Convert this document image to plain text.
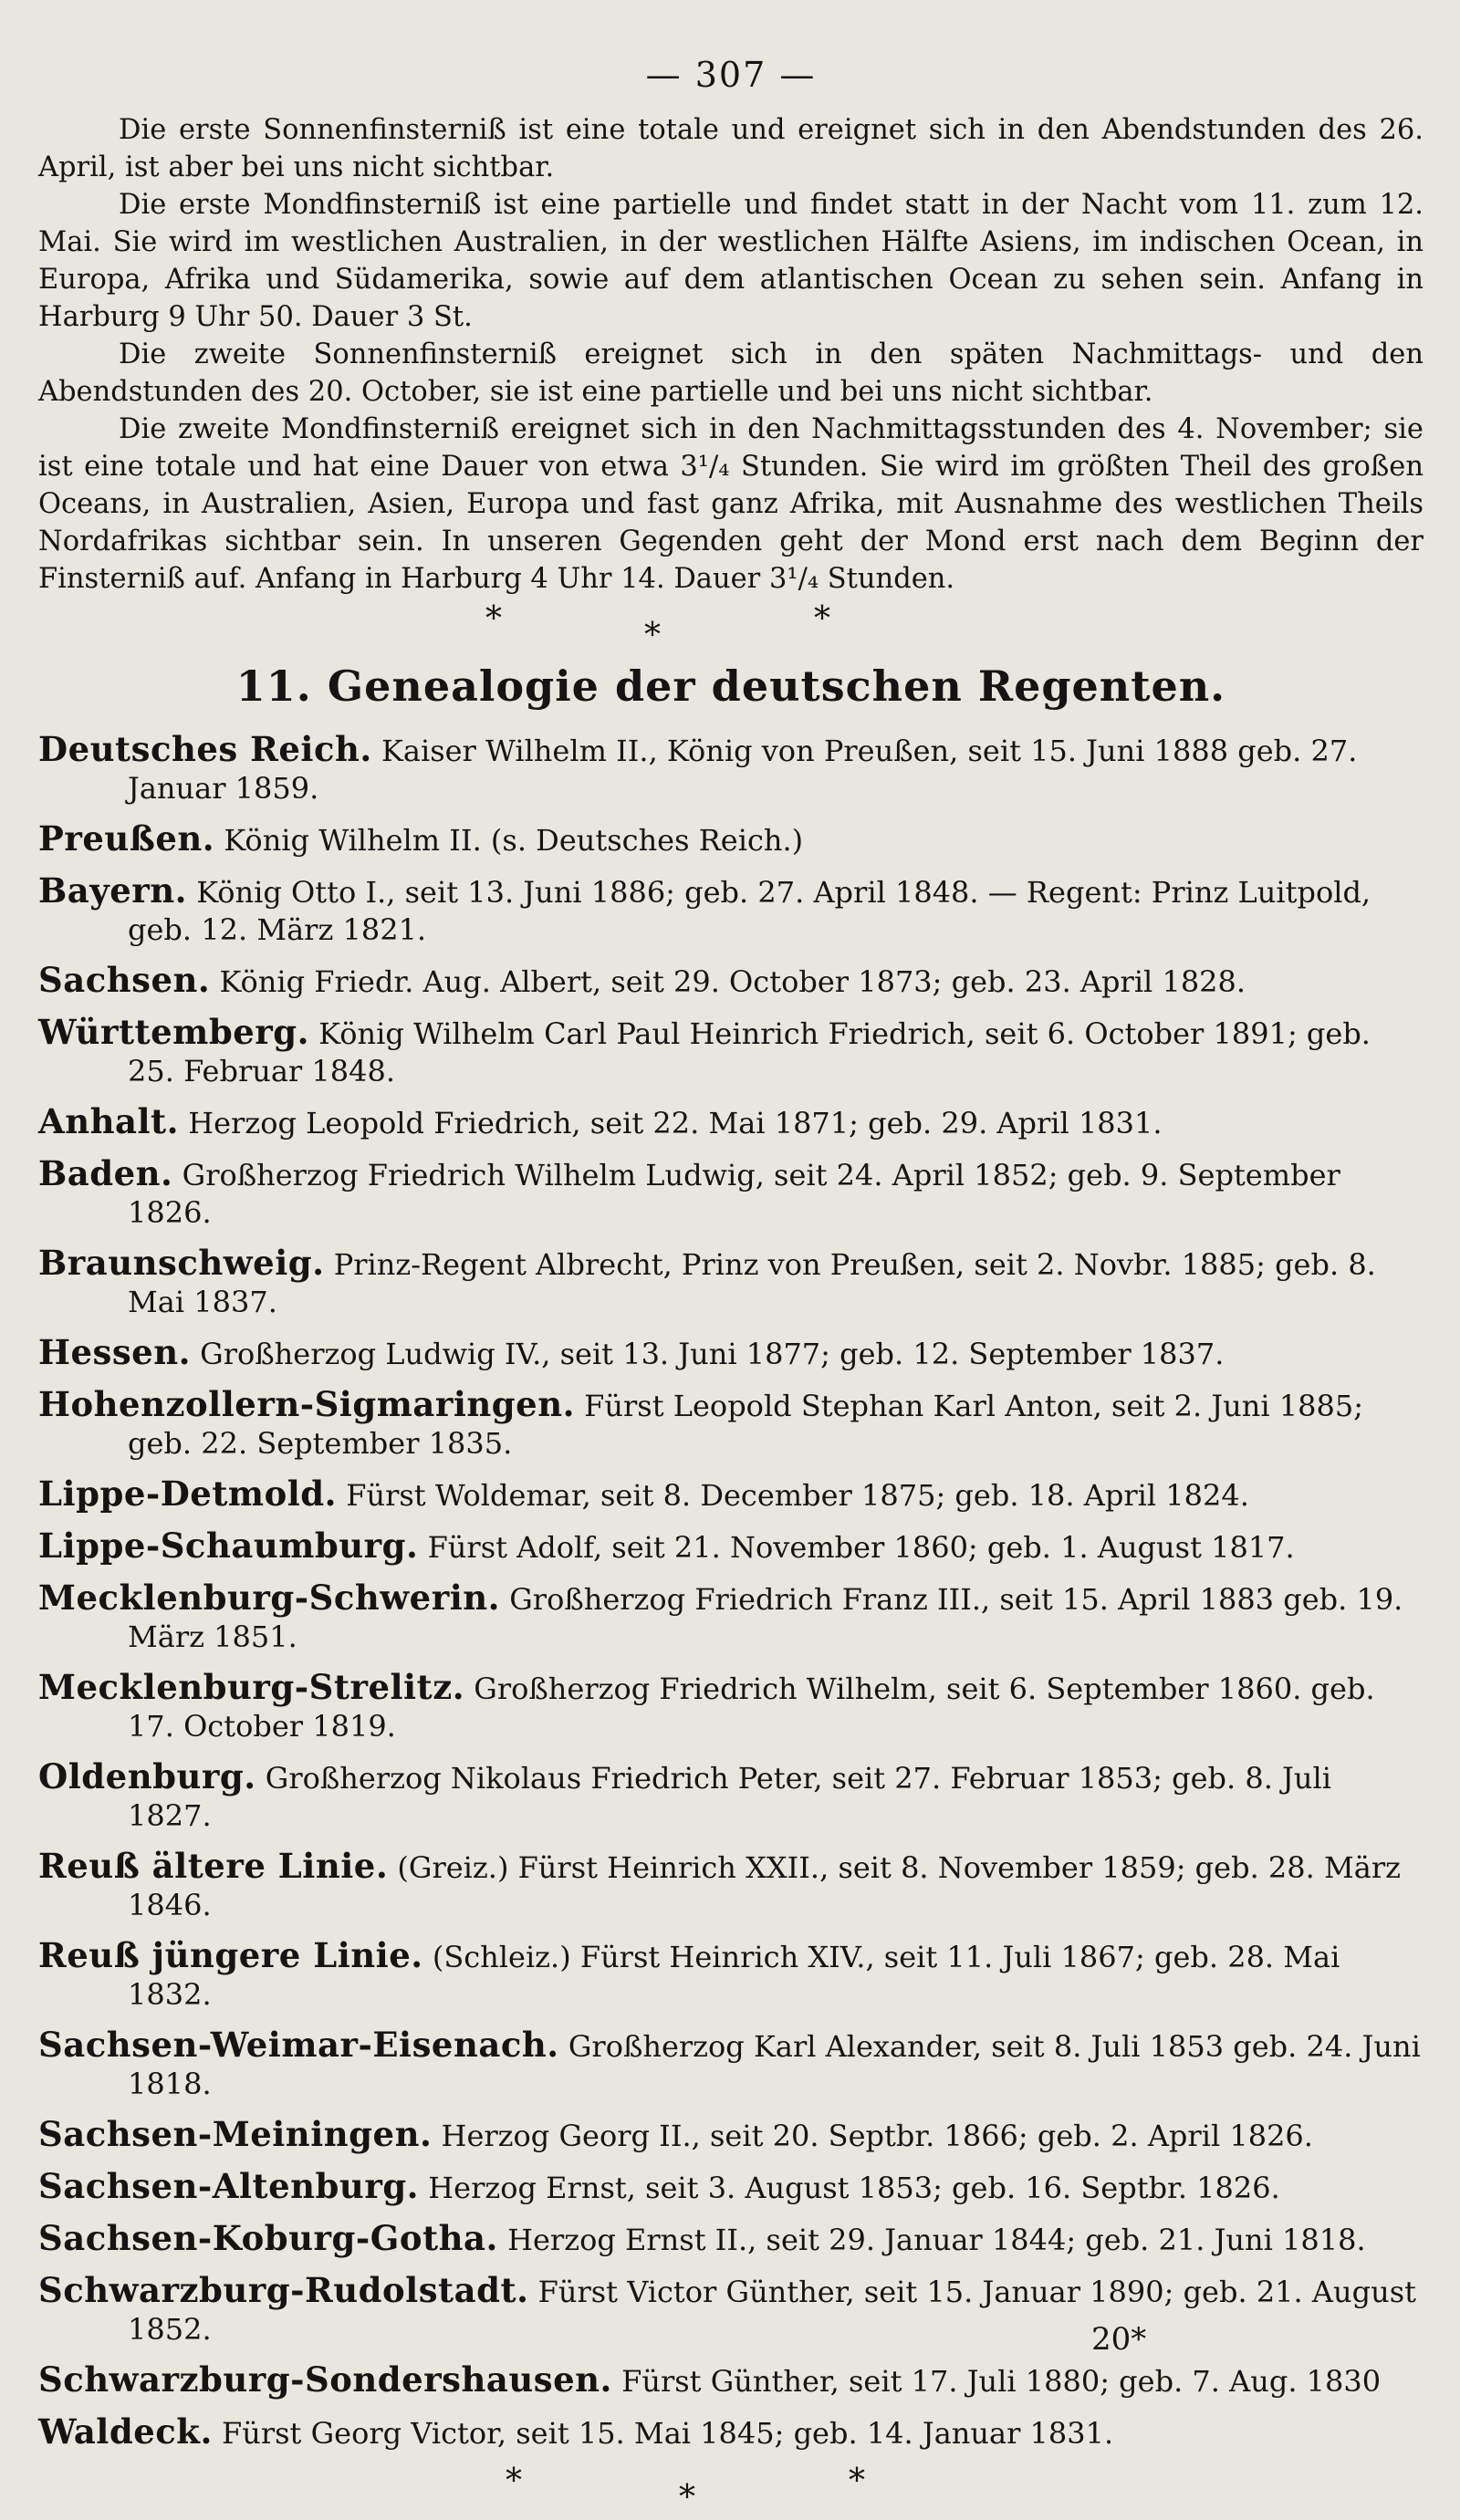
— 307 —

Die erste Sonnenfinsterniß ist eine totale und ereignet sich in den Abendstunden des 26. April, ist aber bei uns nicht sichtbar.

Die erste Mondfinsterniß ist eine partielle und findet statt in der Nacht vom 11. zum 12. Mai. Sie wird im westlichen Australien, in der westlichen Hälfte Asiens, im indischen Ocean, in Europa, Afrika und Südamerika, sowie auf dem atlantischen Ocean zu sehen sein. Anfang in Harburg 9 Uhr 50. Dauer 3 St.

Die zweite Sonnenfinsterniß ereignet sich in den späten Nachmittags- und den Abendstunden des 20. October, sie ist eine partielle und bei uns nicht sichtbar.

Die zweite Mondfinsterniß ereignet sich in den Nachmittagsstunden des 4. November; sie ist eine totale und hat eine Dauer von etwa 3¹/₄ Stunden. Sie wird im größten Theil des großen Oceans, in Australien, Asien, Europa und fast ganz Afrika, mit Ausnahme des westlichen Theils Nordafrikas sichtbar sein. In unseren Gegenden geht der Mond erst nach dem Beginn der Finsterniß auf. Anfang in Harburg 4 Uhr 14. Dauer 3¹/₄ Stunden.

*	*	*
11. Genealogie der deutschen Regenten.

Deutsches Reich. Kaiser Wilhelm II., König von Preußen, seit 15. Juni 1888 geb. 27. Januar 1859.

Preußen. König Wilhelm II. (s. Deutsches Reich.)

Bayern. König Otto I., seit 13. Juni 1886; geb. 27. April 1848. — Regent: Prinz Luitpold, geb. 12. März 1821.

Sachsen. König Friedr. Aug. Albert, seit 29. October 1873; geb. 23. April 1828.

Württemberg. König Wilhelm Carl Paul Heinrich Friedrich, seit 6. October 1891; geb. 25. Februar 1848.

Anhalt. Herzog Leopold Friedrich, seit 22. Mai 1871; geb. 29. April 1831.

Baden. Großherzog Friedrich Wilhelm Ludwig, seit 24. April 1852; geb. 9. September 1826.

Braunschweig. Prinz-Regent Albrecht, Prinz von Preußen, seit 2. Novbr. 1885; geb. 8. Mai 1837.

Hessen. Großherzog Ludwig IV., seit 13. Juni 1877; geb. 12. September 1837.

Hohenzollern-Sigmaringen. Fürst Leopold Stephan Karl Anton, seit 2. Juni 1885; geb. 22. September 1835.

Lippe-Detmold. Fürst Woldemar, seit 8. December 1875; geb. 18. April 1824.

Lippe-Schaumburg. Fürst Adolf, seit 21. November 1860; geb. 1. August 1817.

Mecklenburg-Schwerin. Großherzog Friedrich Franz III., seit 15. April 1883 geb. 19. März 1851.

Mecklenburg-Strelitz. Großherzog Friedrich Wilhelm, seit 6. September 1860. geb. 17. October 1819.

Oldenburg. Großherzog Nikolaus Friedrich Peter, seit 27. Februar 1853; geb. 8. Juli 1827.

Reuß ältere Linie. (Greiz.) Fürst Heinrich XXII., seit 8. November 1859; geb. 28. März 1846.

Reuß jüngere Linie. (Schleiz.) Fürst Heinrich XIV., seit 11. Juli 1867; geb. 28. Mai 1832.

Sachsen-Weimar-Eisenach. Großherzog Karl Alexander, seit 8. Juli 1853 geb. 24. Juni 1818.

Sachsen-Meiningen. Herzog Georg II., seit 20. Septbr. 1866; geb. 2. April 1826.

Sachsen-Altenburg. Herzog Ernst, seit 3. August 1853; geb. 16. Septbr. 1826.

Sachsen-Koburg-Gotha. Herzog Ernst II., seit 29. Januar 1844; geb. 21. Juni 1818.

Schwarzburg-Rudolstadt. Fürst Victor Günther, seit 15. Januar 1890; geb. 21. August 1852.

Schwarzburg-Sondershausen. Fürst Günther, seit 17. Juli 1880; geb. 7. Aug. 1830

Waldeck. Fürst Georg Victor, seit 15. Mai 1845; geb. 14. Januar 1831.

*	*	*
20*
